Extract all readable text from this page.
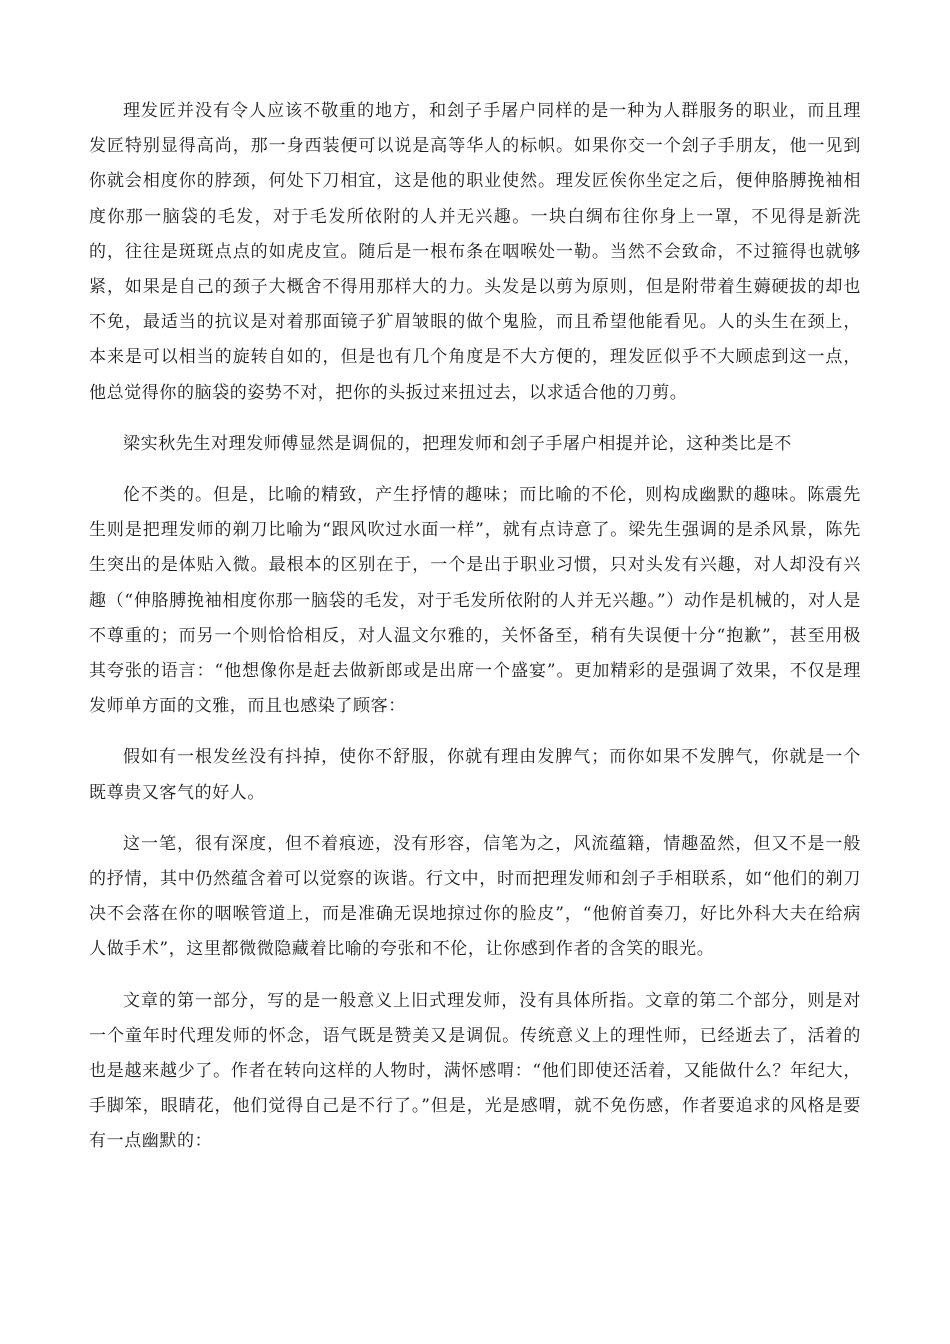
理发匠并没有令人应该不敬重的地方，和刽子手屠户同样的是一种为人群服务的职业，而且理发匠特别显得高尚，那一身西装便可以说是高等华人的标帜。如果你交一个刽子手朋友，他一见到你就会相度你的脖颈，何处下刀相宜，这是他的职业使然。理发匠俟你坐定之后，便伸胳膊挽袖相度你那一脑袋的毛发，对于毛发所依附的人并无兴趣。一块白绸布往你身上一罩，不见得是新洗的，往往是斑斑点点的如虎皮宣。随后是一根布条在咽喉处一勒。当然不会致命，不过箍得也就够紧，如果是自己的颈子大概舍不得用那样大的力。头发是以剪为原则，但是附带着生薅硬拔的却也不免，最适当的抗议是对着那面镜子犷眉皱眼的做个鬼脸，而且希望他能看见。人的头生在颈上，本来是可以相当的旋转自如的，但是也有几个角度是不大方便的，理发匠似乎不大顾虑到这一点，他总觉得你的脑袋的姿势不对，把你的头扳过来扭过去，以求适合他的刀剪。

梁实秋先生对理发师傅显然是调侃的，把理发师和刽子手屠户相提并论，这种类比是不

伦不类的。但是，比喻的精致，产生抒情的趣味；而比喻的不伦，则构成幽默的趣味。陈震先生则是把理发师的剃刀比喻为“跟风吹过水面一样”，就有点诗意了。梁先生强调的是杀风景，陈先生突出的是体贴入微。最根本的区别在于，一个是出于职业习惯，只对头发有兴趣，对人却没有兴趣（“伸胳膊挽袖相度你那一脑袋的毛发，对于毛发所依附的人并无兴趣。”）动作是机械的，对人是不尊重的；而另一个则恰恰相反，对人温文尔雅的，关怀备至，稍有失误便十分“抱歉”，甚至用极其夸张的语言：“他想像你是赶去做新郎或是出席一个盛宴”。更加精彩的是强调了效果，不仅是理发师单方面的文雅，而且也感染了顾客：

假如有一根发丝没有抖掉，使你不舒服，你就有理由发脾气；而你如果不发脾气，你就是一个既尊贵又客气的好人。

这一笔，很有深度，但不着痕迹，没有形容，信笔为之，风流蕴籍，情趣盈然，但又不是一般的抒情，其中仍然蕴含着可以觉察的诙谐。行文中，时而把理发师和刽子手相联系，如“他们的剃刀决不会落在你的咽喉管道上，而是准确无误地掠过你的脸皮”，“他俯首奏刀，好比外科大夫在给病人做手术”，这里都微微隐藏着比喻的夸张和不伦，让你感到作者的含笑的眼光。

文章的第一部分，写的是一般意义上旧式理发师，没有具体所指。文章的第二个部分，则是对一个童年时代理发师的怀念，语气既是赞美又是调侃。传统意义上的理性师，已经逝去了，活着的也是越来越少了。作者在转向这样的人物时，满怀感喟：“他们即使还活着，又能做什么？年纪大，手脚笨，眼睛花，他们觉得自己是不行了。”但是，光是感喟，就不免伤感，作者要追求的风格是要有一点幽默的：
